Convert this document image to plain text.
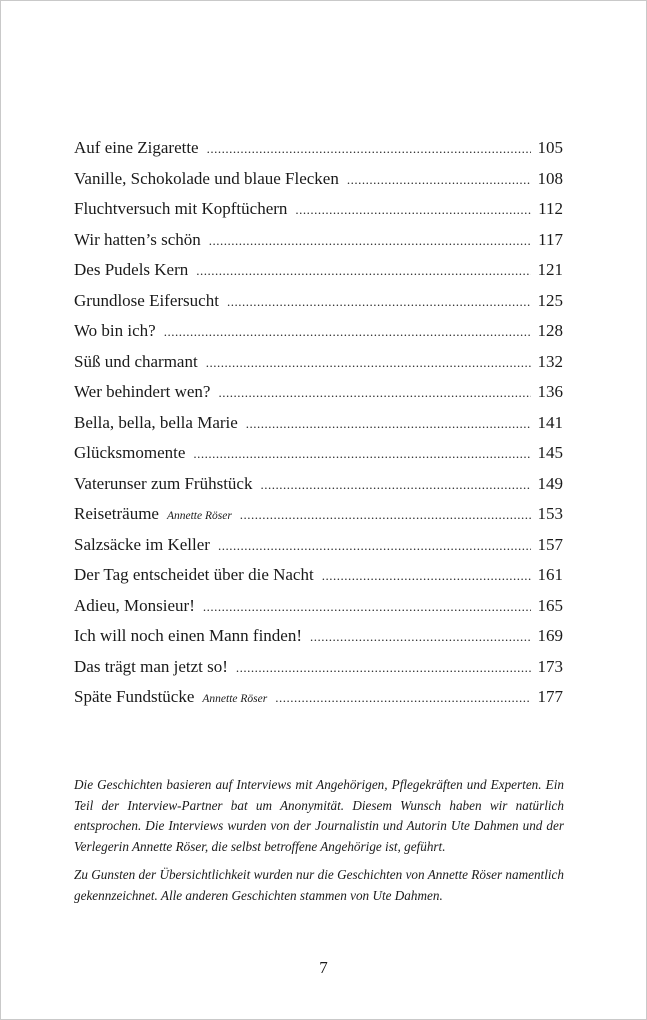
Auf eine Zigarette .....	105
Vanille, Schokolade und blaue Flecken .....	108
Fluchtversuch mit Kopftüchern .....	112
Wir hatten’s schön .....	117
Des Pudels Kern .....	121
Grundlose Eifersucht .....	125
Wo bin ich? .....	128
Süß und charmant .....	132
Wer behindert wen? .....	136
Bella, bella, bella Marie .....	141
Glücksmomente .....	145
Vaterunser zum Frühstück .....	149
Reiseträume Annette Röser .....	153
Salzsäcke im Keller .....	157
Der Tag entscheidet über die Nacht .....	161
Adieu, Monsieur! .....	165
Ich will noch einen Mann finden! .....	169
Das trägt man jetzt so! .....	173
Späte Fundstücke Annette Röser .....	177

Die Geschichten basieren auf Interviews mit Angehörigen, Pflegekräften und Experten. Ein Teil der Interview-Partner bat um Anonymität. Diesem Wunsch haben wir natürlich entsprochen. Die Interviews wurden von der Journalistin und Autorin Ute Dahmen und der Verlegerin Annette Röser, die selbst betroffene Angehörige ist, geführt.

Zu Gunsten der Übersichtlichkeit wurden nur die Geschichten von Annette Röser namentlich gekennzeichnet. Alle anderen Geschichten stammen von Ute Dahmen.

7
